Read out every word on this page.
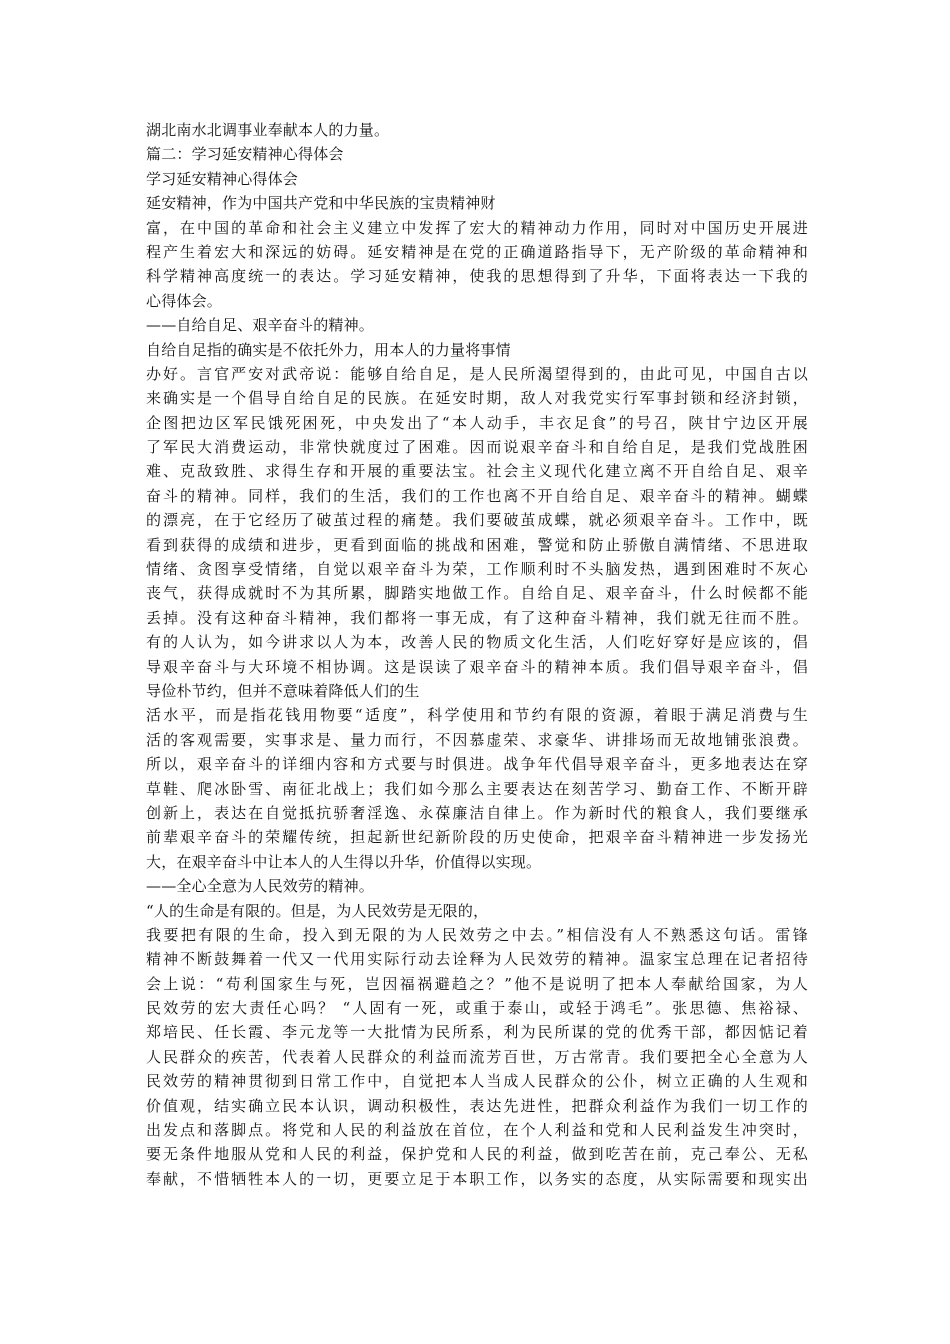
湖北南水北调事业奉献本人的力量。
篇二：学习延安精神心得体会
学习延安精神心得体会
延安精神，作为中国共产党和中华民族的宝贵精神财
富，在中国的革命和社会主义建立中发挥了宏大的精神动力作用，同时对中国历史开展进
程产生着宏大和深远的妨碍。延安精神是在党的正确道路指导下，无产阶级的革命精神和
科学精神高度统一的表达。学习延安精神，使我的思想得到了升华，下面将表达一下我的
心得体会。
——自给自足、艰辛奋斗的精神。
自给自足指的确实是不依托外力，用本人的力量将事情
办好。言官严安对武帝说：能够自给自足，是人民所渴望得到的，由此可见，中国自古以
来确实是一个倡导自给自足的民族。在延安时期，敌人对我党实行军事封锁和经济封锁，
企图把边区军民饿死困死，中央发出了“本人动手，丰衣足食”的号召，陕甘宁边区开展
了军民大消费运动，非常快就度过了困难。因而说艰辛奋斗和自给自足，是我们党战胜困
难、克敌致胜、求得生存和开展的重要法宝。社会主义现代化建立离不开自给自足、艰辛
奋斗的精神。同样，我们的生活，我们的工作也离不开自给自足、艰辛奋斗的精神。蝴蝶
的漂亮，在于它经历了破茧过程的痛楚。我们要破茧成蝶，就必须艰辛奋斗。工作中，既
看到获得的成绩和进步，更看到面临的挑战和困难，警觉和防止骄傲自满情绪、不思进取
情绪、贪图享受情绪，自觉以艰辛奋斗为荣，工作顺利时不头脑发热，遇到困难时不灰心
丧气，获得成就时不为其所累，脚踏实地做工作。自给自足、艰辛奋斗，什么时候都不能
丢掉。没有这种奋斗精神，我们都将一事无成，有了这种奋斗精神，我们就无往而不胜。
有的人认为，如今讲求以人为本，改善人民的物质文化生活，人们吃好穿好是应该的，倡
导艰辛奋斗与大环境不相协调。这是误读了艰辛奋斗的精神本质。我们倡导艰辛奋斗，倡
导俭朴节约，但并不意味着降低人们的生
活水平，而是指花钱用物要“适度”，科学使用和节约有限的资源，着眼于满足消费与生
活的客观需要，实事求是、量力而行，不因慕虚荣、求豪华、讲排场而无故地铺张浪费。
所以，艰辛奋斗的详细内容和方式要与时俱进。战争年代倡导艰辛奋斗，更多地表达在穿
草鞋、爬冰卧雪、南征北战上；我们如今那么主要表达在刻苦学习、勤奋工作、不断开辟
创新上，表达在自觉抵抗骄奢淫逸、永葆廉洁自律上。作为新时代的粮食人，我们要继承
前辈艰辛奋斗的荣耀传统，担起新世纪新阶段的历史使命，把艰辛奋斗精神进一步发扬光
大，在艰辛奋斗中让本人的人生得以升华，价值得以实现。
——全心全意为人民效劳的精神。
“人的生命是有限的。但是，为人民效劳是无限的，
我要把有限的生命，投入到无限的为人民效劳之中去。”相信没有人不熟悉这句话。雷锋
精神不断鼓舞着一代又一代用实际行动去诠释为人民效劳的精神。温家宝总理在记者招待
会上说：“苟利国家生与死，岂因福祸避趋之？”他不是说明了把本人奉献给国家，为人
民效劳的宏大责任心吗？ “人固有一死，或重于泰山，或轻于鸿毛”。张思德、焦裕禄、
郑培民、任长霞、李元龙等一大批情为民所系，利为民所谋的党的优秀干部，都因惦记着
人民群众的疾苦，代表着人民群众的利益而流芳百世，万古常青。我们要把全心全意为人
民效劳的精神贯彻到日常工作中，自觉把本人当成人民群众的公仆，树立正确的人生观和
价值观，结实确立民本认识，调动积极性，表达先进性，把群众利益作为我们一切工作的
出发点和落脚点。将党和人民的利益放在首位，在个人利益和党和人民利益发生冲突时，
要无条件地服从党和人民的利益，保护党和人民的利益，做到吃苦在前，克己奉公、无私
奉献，不惜牺牲本人的一切，更要立足于本职工作，以务实的态度，从实际需要和现实出
